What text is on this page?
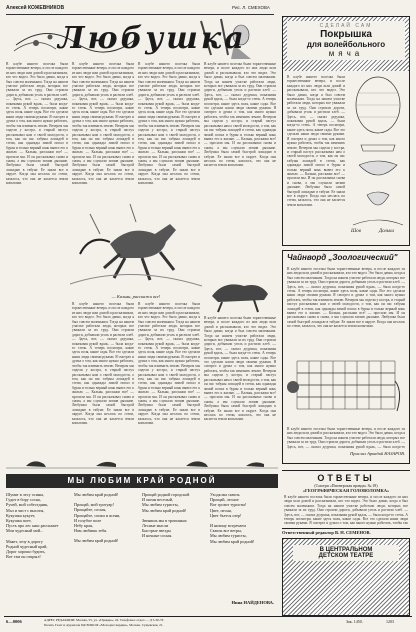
Алексей КОЖЕВНИКОВ	Рис. Л. СМЕХОВА
Любушка
В клубе нашего поселка были торжественные вечера, и после каждого из них люди шли домой и рассказывали, кто что видел. Это было давно, когда я был совсем маленьким. Тогда на нашем участке работали люди, которых все уважали за их труд. Они строили дороги, добывали уголь и растили хлеб. — Здесь, вот, — сказал дедушка, показывая рукой вдаль, — была когда-то степь. А теперь посмотри, какие здесь поля, какие сады. Все это сделали наши люди своими руками. Я смотрел и думал о том, как много нужно работать, чтобы так изменить землю. Вечером мы сидели у костра, и старый пастух рассказывал нам о своей молодости, о том, как он пас табуны лошадей в степи, как однажды зимой попал в буран и только верный конь вывел его к жилью. — Кальян, расскажи все! — просили мы. И он рассказывал снова и снова, а мы слушали затаив дыхание. Любушка была самой быстрой лошадью в табуне. Ее знали все в округе. Когда она неслась по степи, казалось, что она не касается земли копытами.
В клубе нашего поселка были торжественные вечера, и после каждого из них люди шли домой и рассказывали, кто что видел. Это было давно, когда я был совсем маленьким. Тогда на нашем участке работали люди, которых все уважали за их труд. Они строили дороги, добывали уголь и растили хлеб. — Здесь, вот, — сказал дедушка, показывая рукой вдаль, — была когда-то степь. А теперь посмотри, какие здесь поля, какие сады. Все это сделали наши люди своими руками. Я смотрел и думал о том, как много нужно работать, чтобы так изменить землю. Вечером мы сидели у костра, и старый пастух рассказывал нам о своей молодости, о том, как он пас табуны лошадей в степи, как однажды зимой попал в буран и только верный конь вывел его к жилью. — Кальян, расскажи все! — просили мы. И он рассказывал снова и снова, а мы слушали затаив дыхание. Любушка была самой быстрой лошадью в табуне. Ее знали все в округе. Когда она неслась по степи, казалось, что она не касается земли копытами.
В клубе нашего поселка были торжественные вечера, и после каждого из них люди шли домой и рассказывали, кто что видел. Это было давно, когда я был совсем маленьким. Тогда на нашем участке работали люди, которых все уважали за их труд. Они строили дороги, добывали уголь и растили хлеб. — Здесь, вот, — сказал дедушка, показывая рукой вдаль, — была когда-то степь. А теперь посмотри, какие здесь поля, какие сады. Все это сделали наши люди своими руками. Я смотрел и думал о том, как много нужно работать, чтобы так изменить землю. Вечером мы сидели у костра, и старый пастух рассказывал нам о своей молодости, о том, как он пас табуны лошадей в степи, как однажды зимой попал в буран и только верный конь вывел его к жилью. — Кальян, расскажи все! — просили мы. И он рассказывал снова и снова, а мы слушали затаив дыхание. Любушка была самой быстрой лошадью в табуне. Ее знали все в округе. Когда она неслась по степи, казалось, что она не касается земли копытами.
В клубе нашего поселка были торжественные вечера, и после каждого из них люди шли домой и рассказывали, кто что видел. Это было давно, когда я был совсем маленьким. Тогда на нашем участке работали люди, которых все уважали за их труд. Они строили дороги, добывали уголь и растили хлеб. — Здесь, вот, — сказал дедушка, показывая рукой вдаль, — была когда-то степь. А теперь посмотри, какие здесь поля, какие сады. Все это сделали наши люди своими руками. Я смотрел и думал о том, как много нужно работать, чтобы так изменить землю. Вечером мы сидели у костра, и старый пастух рассказывал нам о своей молодости, о том, как он пас табуны лошадей в степи, как однажды зимой попал в буран и только верный конь вывел его к жилью. — Кальян, расскажи все! — просили мы. И он рассказывал снова и снова, а мы слушали затаив дыхание. Любушка была самой быстрой лошадью в табуне. Ее знали все в округе. Когда она неслась по степи, казалось, что она не касается земли копытами.
— Кальян, расскажи все!
В клубе нашего поселка были торжественные вечера, и после каждого из них люди шли домой и рассказывали, кто что видел. Это было давно, когда я был совсем маленьким. Тогда на нашем участке работали люди, которых все уважали за их труд. Они строили дороги, добывали уголь и растили хлеб. — Здесь, вот, — сказал дедушка, показывая рукой вдаль, — была когда-то степь. А теперь посмотри, какие здесь поля, какие сады. Все это сделали наши люди своими руками. Я смотрел и думал о том, как много нужно работать, чтобы так изменить землю. Вечером мы сидели у костра, и старый пастух рассказывал нам о своей молодости, о том, как он пас табуны лошадей в степи, как однажды зимой попал в буран и только верный конь вывел его к жилью. — Кальян, расскажи все! — просили мы. И он рассказывал снова и снова, а мы слушали затаив дыхание. Любушка была самой быстрой лошадью в табуне. Ее знали все в округе. Когда она неслась по степи, казалось, что она не касается земли копытами.
В клубе нашего поселка были торжественные вечера, и после каждого из них люди шли домой и рассказывали, кто что видел. Это было давно, когда я был совсем маленьким. Тогда на нашем участке работали люди, которых все уважали за их труд. Они строили дороги, добывали уголь и растили хлеб. — Здесь, вот, — сказал дедушка, показывая рукой вдаль, — была когда-то степь. А теперь посмотри, какие здесь поля, какие сады. Все это сделали наши люди своими руками. Я смотрел и думал о том, как много нужно работать, чтобы так изменить землю. Вечером мы сидели у костра, и старый пастух рассказывал нам о своей молодости, о том, как он пас табуны лошадей в степи, как однажды зимой попал в буран и только верный конь вывел его к жилью. — Кальян, расскажи все! — просили мы. И он рассказывал снова и снова, а мы слушали затаив дыхание. Любушка была самой быстрой лошадью в табуне. Ее знали все в округе. Когда она неслась по степи, казалось, что она не касается земли копытами.
В клубе нашего поселка были торжественные вечера, и после каждого из них люди шли домой и рассказывали, кто что видел. Это было давно, когда я был совсем маленьким. Тогда на нашем участке работали люди, которых все уважали за их труд. Они строили дороги, добывали уголь и растили хлеб. — Здесь, вот, — сказал дедушка, показывая рукой вдаль, — была когда-то степь. А теперь посмотри, какие здесь поля, какие сады. Все это сделали наши люди своими руками. Я смотрел и думал о том, как много нужно работать, чтобы так изменить землю. Вечером мы сидели у костра, и старый пастух рассказывал нам о своей молодости, о том, как он пас табуны лошадей в степи, как однажды зимой попал в буран и только верный конь вывел его к жилью. — Кальян, расскажи все! — просили мы. И он рассказывал снова и снова, а мы слушали затаив дыхание. Любушка была самой быстрой лошадью в табуне. Ее знали все в округе. Когда она неслась по степи, казалось, что она не касается земли копытами.
СДЕЛАЙ САМ
Покрышка
для волейбольного
мяча
В клубе нашего поселка были торжественные вечера, и после каждого из них люди шли домой и рассказывали, кто что видел. Это было давно, когда я был совсем маленьким. Тогда на нашем участке работали люди, которых все уважали за их труд. Они строили дороги, добывали уголь и растили хлеб. — Здесь, вот, — сказал дедушка, показывая рукой вдаль, — была когда-то степь. А теперь посмотри, какие здесь поля, какие сады. Все это сделали наши люди своими руками. Я смотрел и думал о том, как много нужно работать, чтобы так изменить землю. Вечером мы сидели у костра, и старый пастух рассказывал нам о своей молодости, о том, как он пас табуны лошадей в степи, как однажды зимой попал в буран и только верный конь вывел его к жилью. — Кальян, расскажи все! — просили мы. И он рассказывал снова и снова, а мы слушали затаив дыхание. Любушка была самой быстрой лошадью в табуне. Ее знали все в округе. Когда она неслась по степи, казалось, что она не касается земли копытами.
Шов	Дольки
Чайнворд „Зоологический"
В клубе нашего поселка были торжественные вечера, и после каждого из них люди шли домой и рассказывали, кто что видел. Это было давно, когда я был совсем маленьким. Тогда на нашем участке работали люди, которых все уважали за их труд. Они строили дороги, добывали уголь и растили хлеб. — Здесь, вот, — сказал дедушка, показывая рукой вдаль, — была когда-то степь. А теперь посмотри, какие здесь поля, какие сады. Все это сделали наши люди своими руками. Я смотрел и думал о том, как много нужно работать, чтобы так изменить землю. Вечером мы сидели у костра, и старый пастух рассказывал нам о своей молодости, о том, как он пас табуны лошадей в степи, как однажды зимой попал в буран и только верный конь вывел его к жилью. — Кальян, расскажи все! — просили мы. И он рассказывал снова и снова, а мы слушали затаив дыхание. Любушка была самой быстрой лошадью в табуне. Ее знали все в округе. Когда она неслась по степи, казалось, что она не касается земли копытами.
В клубе нашего поселка были торжественные вечера, и после каждого из них люди шли домой и рассказывали, кто что видел. Это было давно, когда я был совсем маленьким. Тогда на нашем участке работали люди, которых все уважали за их труд. Они строили дороги, добывали уголь и растили хлеб. — Здесь, вот, — сказал дедушка, показывая рукой вдаль, — была когда-то
Прислал Аркадий НАЗАРОВ.
ОТВЕТЫ
(Смотри «Пионерская правда» № 18)
«ГЕОГРАФИЧЕСКАЯ ГОЛОВОЛОМКА»
В клубе нашего поселка были торжественные вечера, и после каждого из них люди шли домой и рассказывали, кто что видел. Это было давно, когда я был совсем маленьким. Тогда на нашем участке работали люди, которых все уважали за их труд. Они строили дороги, добывали уголь и растили хлеб. — Здесь, вот, — сказал дедушка, показывая рукой вдаль, — была когда-то степь. А теперь посмотри, какие здесь поля, какие сады. Все это сделали наши люди своими руками. Я смотрел и думал о том, как много нужно работать, чтобы так
Ответственный редактор В. Н. СЕМЕНОВ.
В ЦЕНТРАЛЬНОМ
ДЕТСКОМ ТЕАТРЕ
МЫ ЛЮБИМ КРАЙ РОДНОЙ
Шумят в лесу осины,
Гудит в бору сосна,
Ручей, мой собеседник,
Мал и чист с высоты,
Кукушка кукует,
Кукушка поет,
Пусть про лес наш расскажет
Мои чудесный мой...
Макет, лезу в дорогу
Родной чудесный край,
Дорог хорошо будить,
Вот там он открыл!
Мы любим край родной!
Прощай, мой тротуар!
Прощайте, сосны,
Прощайте, сопки и ясени,
И голубое поле
Небу края,
Нам любишь тебя.
Мы любим край родной!
Прощай родной городской
И океан веселый,
Мы любим туристы,
Мы любим край родной!
Звенишь мы в тропинках
Лесные мысли
Быстрые звезды
И ночные сосны.
Уходя мы сквозь
Прощай, лесное
Вот грозит туристы!
Цвет, песня,
Цвет бьется озер!
И низину встречаем
Сквозь все ветры,
Мы любим туристы,
Мы любим край родной!
Нина НАЙДЕНОВА.
6—0006	АДРЕС РЕДАКЦИИ: Москва, 55, ул. «Правды», 24. Телефоны: отдел — Д 3-30-76
Печать Газет и журналов ЦК ВЛКСМ «Молодая гвардия», Москва, Сущевская, 21.
Зак. 1450.	1203
